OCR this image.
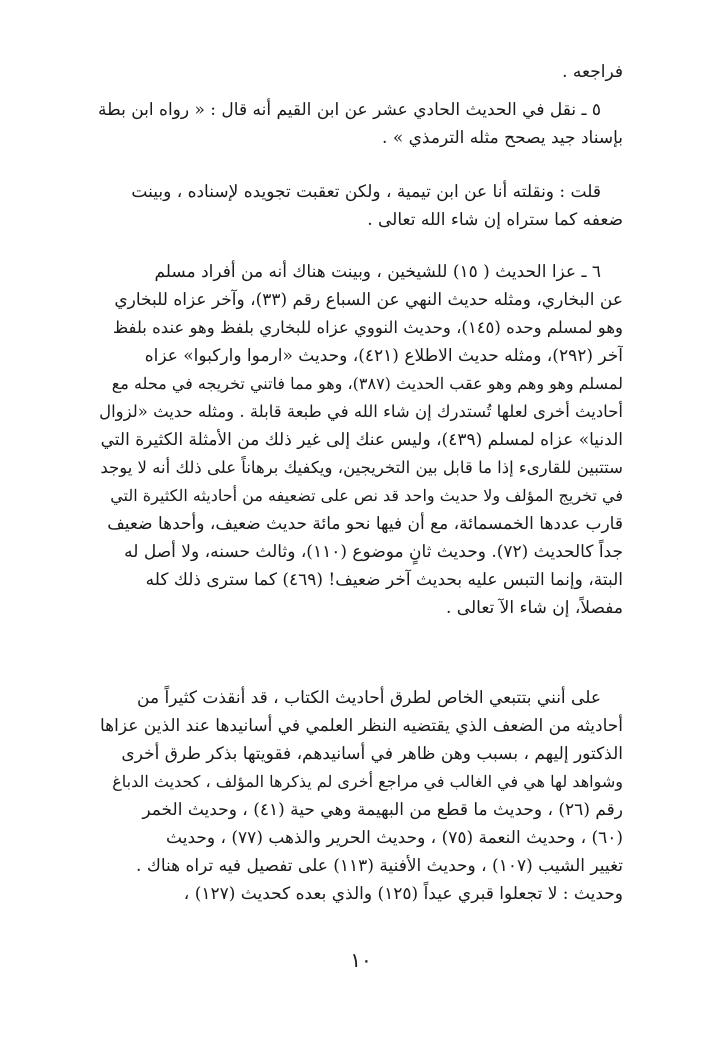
فراجعه .
٥ ـ نقل في الحديث الحادي عشر عن ابن القيم أنه قال : « رواه ابن بطة
بإسناد جيد يصحح مثله الترمذي » .
قلت : ونقلته أنا عن ابن تيمية ، ولكن تعقبت تجويده لإسناده ، وبينت
ضعفه كما ستراه إن شاء الله تعالى .
٦ ـ عزا الحديث ( ١٥) للشيخين ، وبينت هناك أنه من أفراد مسلم
عن البخاري، ومثله حديث النهي عن السباع رقم (٣٣)، وآخر عزاه للبخاري
وهو لمسلم وحده (١٤٥)، وحديث النووي عزاه للبخاري بلفظ وهو عنده بلفظ
آخر (٢٩٢)، ومثله حديث الاطلاع (٤٢١)، وحديث «ارموا واركبوا» عزاه
لمسلم وهو وهم وهو عقب الحديث (٣٨٧)، وهو مما فاتني تخريجه في محله مع
أحاديث أخرى لعلها تُستدرك إن شاء الله في طبعة قابلة . ومثله حديث «لزوال
الدنيا» عزاه لمسلم (٤٣٩)، وليس عنك إلى غير ذلك من الأمثلة الكثيرة التي
ستتبين للقارىء إذا ما قابل بين التخريجين، ويكفيك برهاناً على ذلك أنه لا يوجد
في تخريج المؤلف ولا حديث واحد قد نص على تضعيفه من أحاديثه الكثيرة التي
قارب عددها الخمسمائة، مع أن فيها نحو مائة حديث ضعيف، وأحدها ضعيف
جداً كالحديث (٧٢). وحديث ثانٍ موضوع (١١٠)، وثالث حسنه، ولا أصل له
البتة، وإنما التبس عليه بحديث آخر ضعيف! (٤٦٩) كما سترى ذلك كله
مفصلاً، إن شاء الآ تعالى .
على أنني بتتبعي الخاص لطرق أحاديث الكتاب ، قد أنقذت كثيراً من
أحاديثه من الضعف الذي يقتضيه النظر العلمي في أسانيدها عند الذين عزاها
الذكتور إليهم ، بسبب وهن ظاهر في أسانيدهم، فقويتها بذكر طرق أخرى
وشواهد لها هي في الغالب في مراجع أخرى لم يذكرها المؤلف ، كحديث الدباغ
رقم (٢٦) ، وحديث ما قطع من البهيمة وهي حية (٤١) ، وحديث الخمر
(٦٠) ، وحديث النعمة (٧٥) ، وحديث الحرير والذهب (٧٧) ، وحديث
تغيير الشيب (١٠٧) ، وحديث الأفنية (١١٣) على تفصيل فيه تراه هناك .
وحديث : لا تجعلوا قبري عيداً (١٢٥) والذي بعده كحديث (١٢٧) ،
١٠
